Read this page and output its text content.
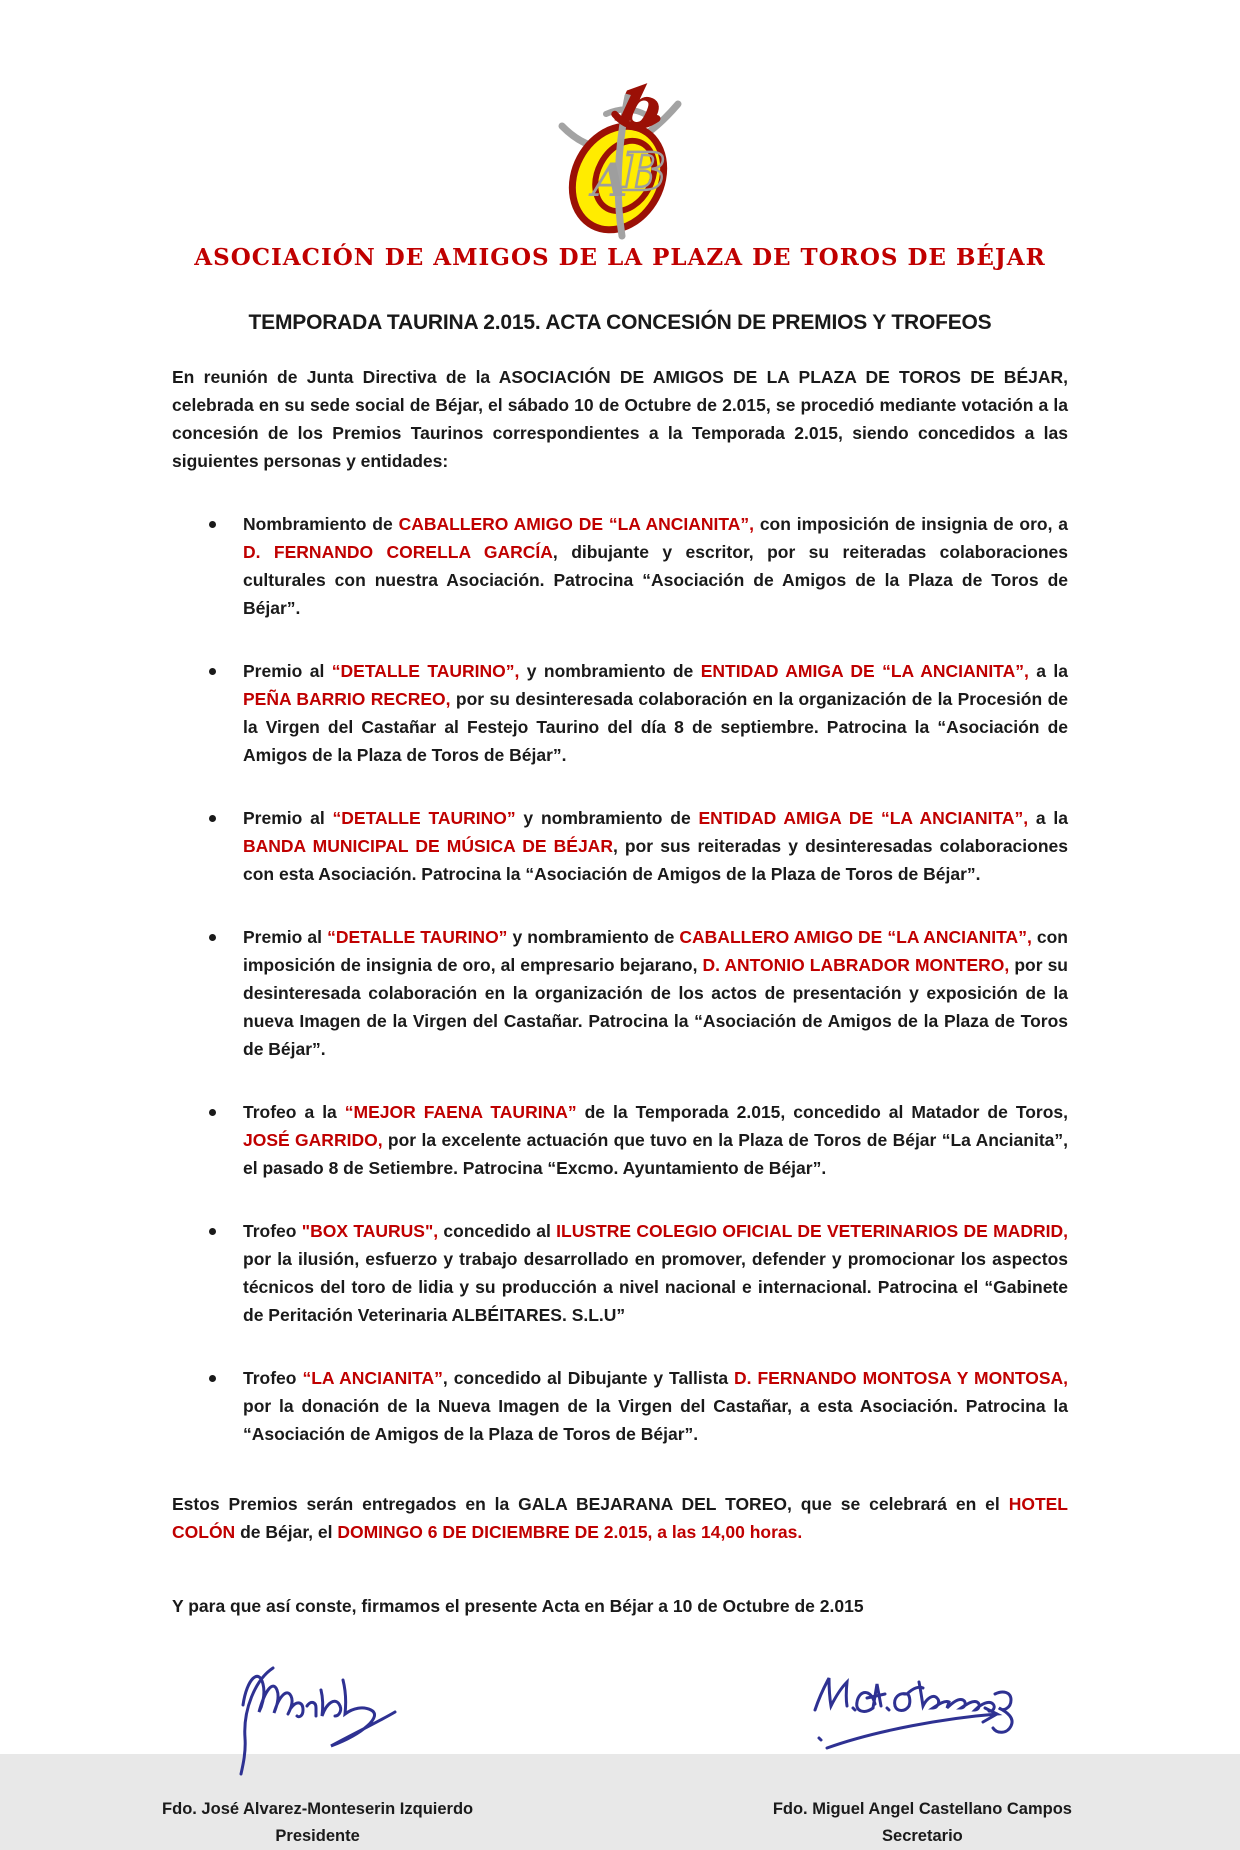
ƅ
A
B
ASOCIACIÓN DE AMIGOS DE LA PLAZA DE TOROS DE BÉJAR
TEMPORADA TAURINA 2.015. ACTA CONCESIÓN DE PREMIOS Y TROFEOS

En reunión de Junta Directiva de la ASOCIACIÓN DE AMIGOS DE LA PLAZA DE TOROS DE BÉJAR, celebrada en su sede social de Béjar, el sábado 10 de Octubre de 2.015, se procedió mediante votación a la concesión de los Premios Taurinos correspondientes a la Temporada 2.015, siendo concedidos a las siguientes personas y entidades:

Nombramiento de CABALLERO AMIGO DE “LA ANCIANITA”, con imposición de insignia de oro, a D. FERNANDO CORELLA GARCÍA, dibujante y escritor, por su reiteradas colaboraciones culturales con nuestra Asociación. Patrocina “Asociación de Amigos de la Plaza de Toros de Béjar”.
Premio al “DETALLE TAURINO”, y nombramiento de ENTIDAD AMIGA DE “LA ANCIANITA”, a la PEÑA BARRIO RECREO, por su desinteresada colaboración en la organización de la Procesión de la Virgen del Castañar al Festejo Taurino del día 8 de septiembre. Patrocina la “Asociación de Amigos de la Plaza de Toros de Béjar”.
Premio al “DETALLE TAURINO” y nombramiento de ENTIDAD AMIGA DE “LA ANCIANITA”, a la BANDA MUNICIPAL DE MÚSICA DE BÉJAR, por sus reiteradas y desinteresadas colaboraciones con esta Asociación. Patrocina la “Asociación de Amigos de la Plaza de Toros de Béjar”.
Premio al “DETALLE TAURINO” y nombramiento de CABALLERO AMIGO DE “LA ANCIANITA”, con imposición de insignia de oro, al empresario bejarano, D. ANTONIO LABRADOR MONTERO, por su desinteresada colaboración en la organización de los actos de presentación y exposición de la nueva Imagen de la Virgen del Castañar. Patrocina la “Asociación de Amigos de la Plaza de Toros de Béjar”.
Trofeo a la “MEJOR FAENA TAURINA” de la Temporada 2.015, concedido al Matador de Toros, JOSÉ GARRIDO, por la excelente actuación que tuvo en la Plaza de Toros de Béjar “La Ancianita”, el pasado 8 de Setiembre. Patrocina “Excmo. Ayuntamiento de Béjar”.
Trofeo "BOX TAURUS", concedido al ILUSTRE COLEGIO OFICIAL DE VETERINARIOS DE MADRID, por la ilusión, esfuerzo y trabajo desarrollado en promover, defender y promocionar los aspectos técnicos del toro de lidia y su producción a nivel nacional e internacional. Patrocina el “Gabinete de Peritación Veterinaria ALBÉITARES. S.L.U”
Trofeo “LA ANCIANITA”, concedido al Dibujante y Tallista D. FERNANDO MONTOSA Y MONTOSA, por la donación de la Nueva Imagen de la Virgen del Castañar, a esta Asociación. Patrocina la “Asociación de Amigos de la Plaza de Toros de Béjar”.

Estos Premios serán entregados en la GALA BEJARANA DEL TOREO, que se celebrará en el HOTEL COLÓN de Béjar, el DOMINGO 6 DE DICIEMBRE DE 2.015, a las 14,00 horas.

Y para que así conste, firmamos el presente Acta en Béjar a 10 de Octubre de 2.015

Fdo. José Alvarez-Monteserin Izquierdo
Presidente
Fdo. Miguel Angel Castellano Campos
Secretario
